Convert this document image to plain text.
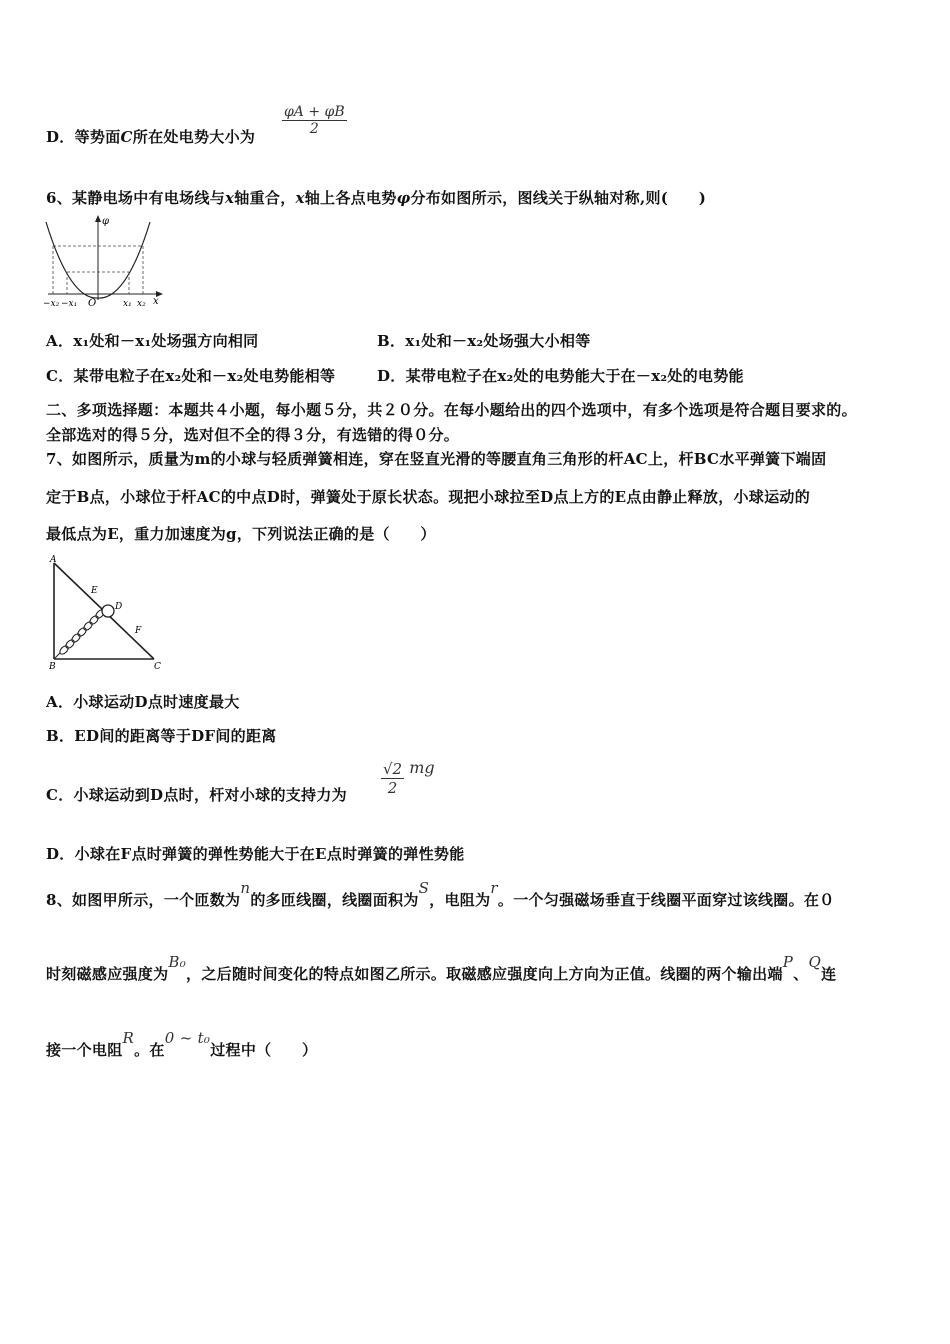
D．等势面C所在处电势大小为 $\frac{\varphi A + \varphi B}{2}$
6、某静电场中有电场线与x轴重合，x轴上各点电势φ分布如图所示，图线关于纵轴对称,则(　　)
φ
−x₂ −x₁ O	x₁ x₂ x
A．x₁处和－x₁处场强方向相同	B．x₁处和－x₂处场强大小相等
C．某带电粒子在x₂处和－x₂处电势能相等	D．某带电粒子在x₂处的电势能大于在－x₂处的电势能
二、多项选择题：本题共４小题，每小题５分，共２０分。在每小题给出的四个选项中，有多个选项是符合题目要求的。
全部选对的得５分，选对但不全的得３分，有选错的得０分。
7、如图所示，质量为m的小球与轻质弹簧相连，穿在竖直光滑的等腰直角三角形的杆AC上，杆BC水平弹簧下端固
定于B点，小球位于杆AC的中点D时，弹簧处于原长状态。现把小球拉至D点上方的E点由静止释放，小球运动的
最低点为E，重力加速度为g，下列说法正确的是（　　）
A
E
D
F
B	C
A．小球运动D点时速度最大
B．ED间的距离等于DF间的距离
C．小球运动到D点时，杆对小球的支持力为 $\frac{√2}{2}$ mg
D．小球在F点时弹簧的弹性势能大于在E点时弹簧的弹性势能
8、如图甲所示，一个匝数为n的多匝线圈，线圈面积为S，电阻为r。一个匀强磁场垂直于线圈平面穿过该线圈。在０
时刻磁感应强度为B₀，之后随时间变化的特点如图乙所示。取磁感应强度向上方向为正值。线圈的两个输出端P、Q连
接一个电阻R。在0 ~ t₀过程中（　　）
